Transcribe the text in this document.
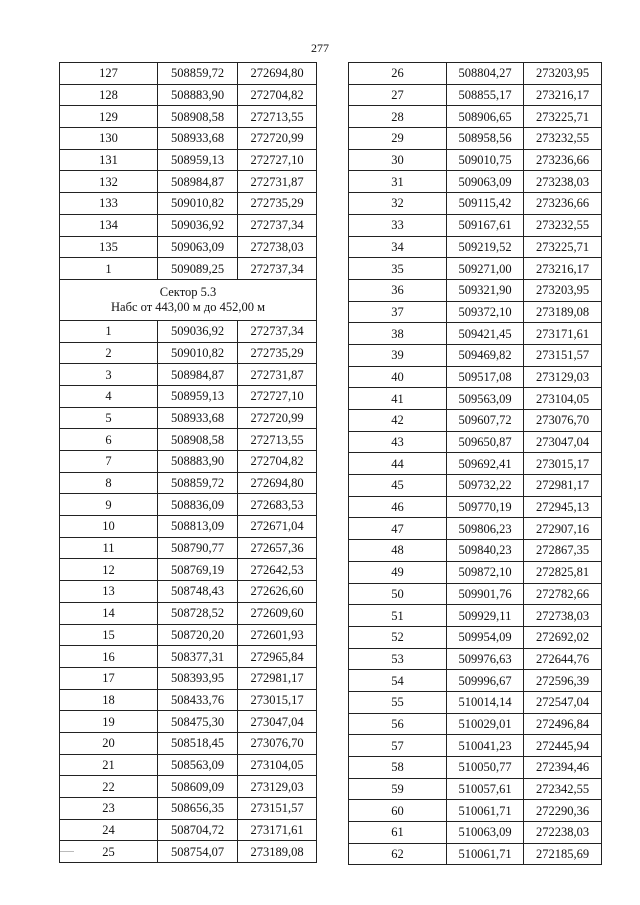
277
127	508859,72	272694,80
128	508883,90	272704,82
129	508908,58	272713,55
130	508933,68	272720,99
131	508959,13	272727,10
132	508984,87	272731,87
133	509010,82	272735,29
134	509036,92	272737,34
135	509063,09	272738,03
1	509089,25	272737,34

Сектор 5.3
Набс от 443,00 м до 452,00 м		

1	509036,92	272737,34
2	509010,82	272735,29
3	508984,87	272731,87
4	508959,13	272727,10
5	508933,68	272720,99
6	508908,58	272713,55
7	508883,90	272704,82
8	508859,72	272694,80
9	508836,09	272683,53
10	508813,09	272671,04
11	508790,77	272657,36
12	508769,19	272642,53
13	508748,43	272626,60
14	508728,52	272609,60
15	508720,20	272601,93
16	508377,31	272965,84
17	508393,95	272981,17
18	508433,76	273015,17
19	508475,30	273047,04
20	508518,45	273076,70
21	508563,09	273104,05
22	508609,09	273129,03
23	508656,35	273151,57
24	508704,72	273171,61
25	508754,07	273189,08
26	508804,27	273203,95
27	508855,17	273216,17
28	508906,65	273225,71
29	508958,56	273232,55
30	509010,75	273236,66
31	509063,09	273238,03
32	509115,42	273236,66
33	509167,61	273232,55
34	509219,52	273225,71
35	509271,00	273216,17
36	509321,90	273203,95
37	509372,10	273189,08
38	509421,45	273171,61
39	509469,82	273151,57
40	509517,08	273129,03
41	509563,09	273104,05
42	509607,72	273076,70
43	509650,87	273047,04
44	509692,41	273015,17
45	509732,22	272981,17
46	509770,19	272945,13
47	509806,23	272907,16
48	509840,23	272867,35
49	509872,10	272825,81
50	509901,76	272782,66
51	509929,11	272738,03
52	509954,09	272692,02
53	509976,63	272644,76
54	509996,67	272596,39
55	510014,14	272547,04
56	510029,01	272496,84
57	510041,23	272445,94
58	510050,77	272394,46
59	510057,61	272342,55
60	510061,71	272290,36
61	510063,09	272238,03
62	510061,71	272185,69
